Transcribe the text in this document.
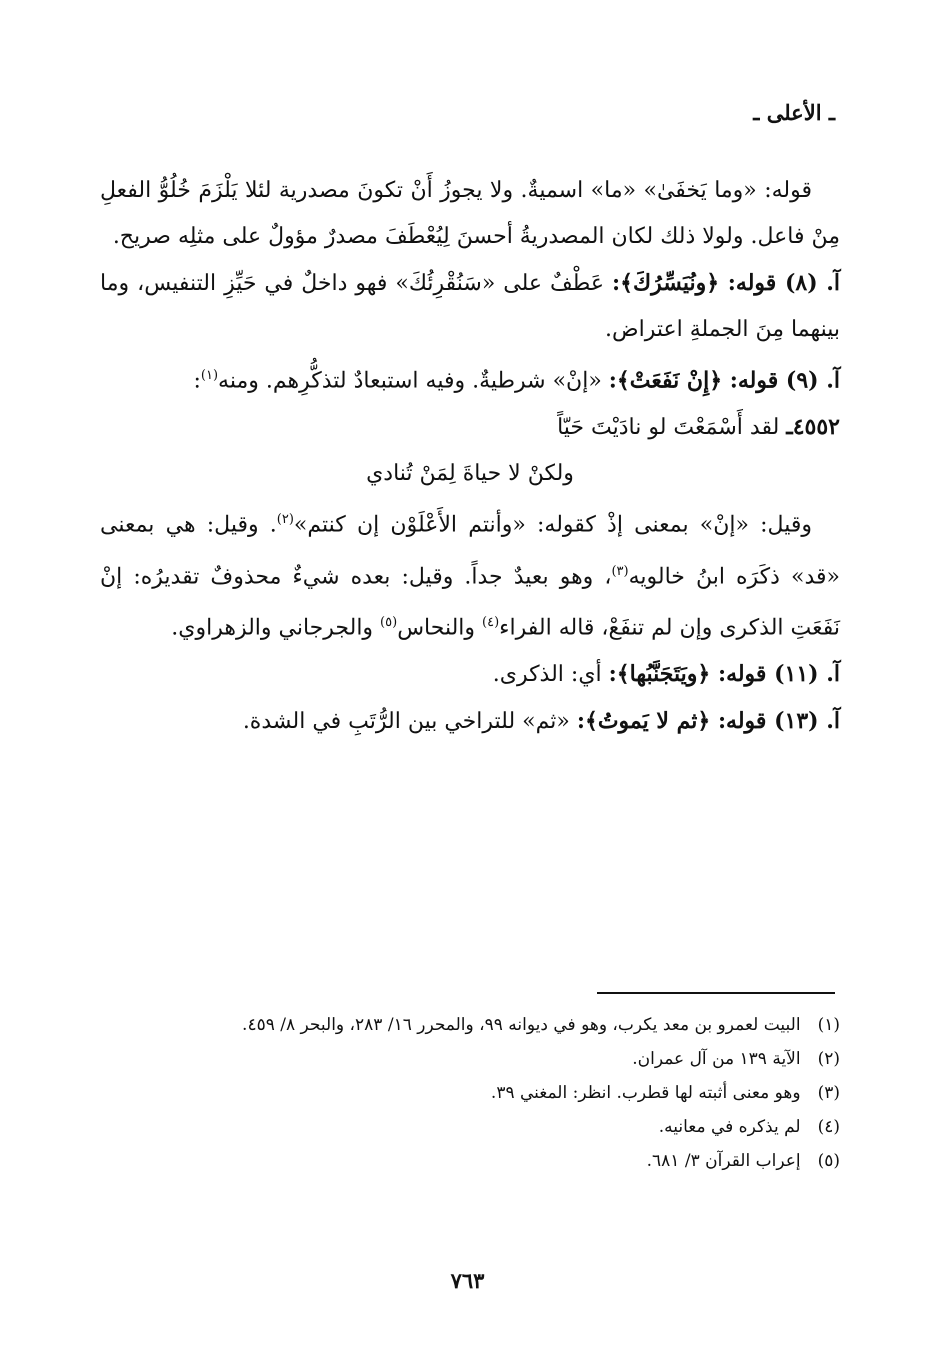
ـ الأعلى ـ

قوله: «وما يَخفَىٰ» «ما» اسميةٌ. ولا يجوزُ أَنْ تكونَ مصدرية لئلا يَلْزَمَ خُلُوُّ الفعلِ مِنْ فاعل. ولولا ذلك لكان المصدريةُ أحسنَ لِيُعْطَفَ مصدرٌ مؤولٌ على مثلِه صريح.

آ. (٨) قوله: ﴿ونُيَسِّرُكَ﴾: عَطْفٌ على «سَنُقْرِئُكَ» فهو داخلٌ في حَيِّزِ التنفيس، وما بينهما مِنَ الجملةِ اعتراض.

آ. (٩) قوله: ﴿إِنْ نَفَعَتْ﴾: «إنْ» شرطيةٌ. وفيه استبعادٌ لتذكُّرِهم. ومنه$^{(١)}$:

٤٥٥٢ـ لقد أَسْمَعْتَ لو نادَيْتَ حَيّاً

ولكنْ لا حياةَ لِمَنْ تُنادي

وقيل: «إنْ» بمعنى إذْ كقوله: «وأنتم الأَعْلَوْن إن كنتم»$^{(٢)}$. وقيل: هي بمعنى «قد» ذكَرَه ابنُ خالويه$^{(٣)}$، وهو بعيدٌ جداً. وقيل: بعده شيءٌ محذوفٌ تقديرُه: إنْ نَفَعَتِ الذكرى وإن لم تنفَعْ، قاله الفراء$^{(٤)}$ والنحاس$^{(٥)}$ والجرجاني والزهراوي.

آ. (١١) قوله: ﴿ويَتَجَنَّبُها﴾: أي: الذكرى.

آ. (١٣) قوله: ﴿ثم لا يَموتُ﴾: «ثم» للتراخي بين الرُّتَبِ في الشدة.

(١) البيت لعمرو بن معد يكرب، وهو في ديوانه ٩٩، والمحرر ١٦/ ٢٨٣، والبحر ٨/ ٤٥٩.

(٢) الآية ١٣٩ من آل عمران.

(٣) وهو معنى أثبته لها قطرب. انظر: المغني ٣٩.

(٤) لم يذكره في معانيه.

(٥) إعراب القرآن ٣/ ٦٨١.

٧٦٣
